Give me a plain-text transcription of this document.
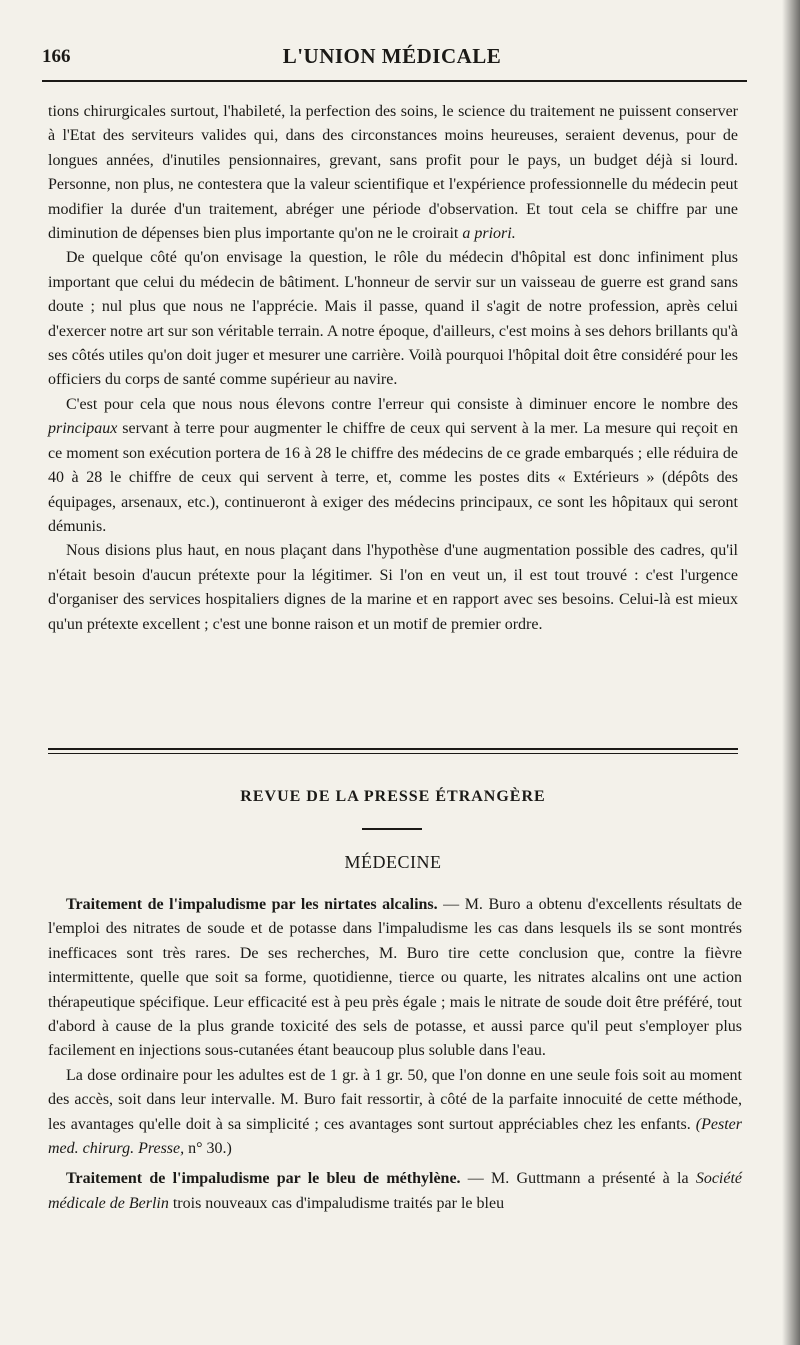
166	L'UNION MÉDICALE

tions chirurgicales surtout, l'habileté, la perfection des soins, le science du traitement ne puissent conserver à l'Etat des serviteurs valides qui, dans des circonstances moins heureuses, seraient devenus, pour de longues années, d'inutiles pensionnaires, grevant, sans profit pour le pays, un budget déjà si lourd. Personne, non plus, ne contestera que la valeur scientifique et l'expérience professionnelle du médecin peut modifier la durée d'un traitement, abréger une période d'observation. Et tout cela se chiffre par une diminution de dépenses bien plus importante qu'on ne le croirait a priori.

De quelque côté qu'on envisage la question, le rôle du médecin d'hôpital est donc infiniment plus important que celui du médecin de bâtiment. L'honneur de servir sur un vaisseau de guerre est grand sans doute ; nul plus que nous ne l'apprécie. Mais il passe, quand il s'agit de notre profession, après celui d'exercer notre art sur son véritable terrain. A notre époque, d'ailleurs, c'est moins à ses dehors brillants qu'à ses côtés utiles qu'on doit juger et mesurer une carrière. Voilà pourquoi l'hôpital doit être considéré pour les officiers du corps de santé comme supérieur au navire.

C'est pour cela que nous nous élevons contre l'erreur qui consiste à diminuer encore le nombre des principaux servant à terre pour augmenter le chiffre de ceux qui servent à la mer. La mesure qui reçoit en ce moment son exécution portera de 16 à 28 le chiffre des médecins de ce grade embarqués ; elle réduira de 40 à 28 le chiffre de ceux qui servent à terre, et, comme les postes dits « Extérieurs » (dépôts des équipages, arsenaux, etc.), continueront à exiger des médecins principaux, ce sont les hôpitaux qui seront démunis.

Nous disions plus haut, en nous plaçant dans l'hypothèse d'une augmentation possible des cadres, qu'il n'était besoin d'aucun prétexte pour la légitimer. Si l'on en veut un, il est tout trouvé : c'est l'urgence d'organiser des services hospitaliers dignes de la marine et en rapport avec ses besoins. Celui-là est mieux qu'un prétexte excellent ; c'est une bonne raison et un motif de premier ordre.

REVUE DE LA PRESSE ÉTRANGÈRE
MÉDECINE

Traitement de l'impaludisme par les nirtates alcalins. — M. Buro a obtenu d'excellents résultats de l'emploi des nitrates de soude et de potasse dans l'impaludisme les cas dans lesquels ils se sont montrés inefficaces sont très rares. De ses recherches, M. Buro tire cette conclusion que, contre la fièvre intermittente, quelle que soit sa forme, quotidienne, tierce ou quarte, les nitrates alcalins ont une action thérapeutique spécifique. Leur efficacité est à peu près égale ; mais le nitrate de soude doit être préféré, tout d'abord à cause de la plus grande toxicité des sels de potasse, et aussi parce qu'il peut s'employer plus facilement en injections sous-cutanées étant beaucoup plus soluble dans l'eau.

La dose ordinaire pour les adultes est de 1 gr. à 1 gr. 50, que l'on donne en une seule fois soit au moment des accès, soit dans leur intervalle. M. Buro fait ressortir, à côté de la parfaite innocuité de cette méthode, les avantages qu'elle doit à sa simplicité ; ces avantages sont surtout appréciables chez les enfants. (Pester med. chirurg. Presse, n° 30.)

Traitement de l'impaludisme par le bleu de méthylène. — M. Guttmann a présenté à la Société médicale de Berlin trois nouveaux cas d'impaludisme traités par le bleu
